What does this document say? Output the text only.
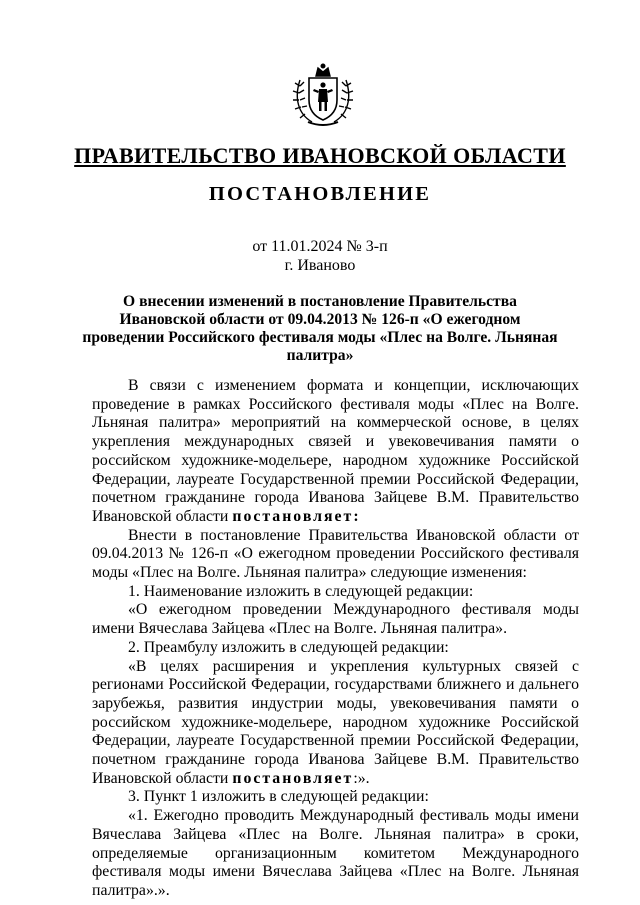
ПРАВИТЕЛЬСТВО ИВАНОВСКОЙ ОБЛАСТИ
ПОСТАНОВЛЕНИЕ
от 11.01.2024 № 3-п
г. Иваново
О внесении изменений в постановление Правительства Ивановской области от 09.04.2013 № 126-п «О ежегодном проведении Российского фестиваля моды «Плес на Волге. Льняная палитра»

В связи с изменением формата и концепции, исключающих проведение в рамках Российского фестиваля моды «Плес на Волге. Льняная палитра» мероприятий на коммерческой основе, в целях укрепления международных связей и увековечивания памяти о российском художнике-модельере, народном художнике Российской Федерации, лауреате Государственной премии Российской Федерации, почетном гражданине города Иванова Зайцеве В.М. Правительство Ивановской области постановляет:

Внести в постановление Правительства Ивановской области от 09.04.2013 № 126-п «О ежегодном проведении Российского фестиваля моды «Плес на Волге. Льняная палитра» следующие изменения:

1. Наименование изложить в следующей редакции:

«О ежегодном проведении Международного фестиваля моды имени Вячеслава Зайцева «Плес на Волге. Льняная палитра».

2. Преамбулу изложить в следующей редакции:

«В целях расширения и укрепления культурных связей с регионами Российской Федерации, государствами ближнего и дальнего зарубежья, развития индустрии моды, увековечивания памяти о российском художнике-модельере, народном художнике Российской Федерации, лауреате Государственной премии Российской Федерации, почетном гражданине города Иванова Зайцеве В.М. Правительство Ивановской области постановляет:».

3. Пункт 1 изложить в следующей редакции:

«1. Ежегодно проводить Международный фестиваль моды имени Вячеслава Зайцева «Плес на Волге. Льняная палитра» в сроки, определяемые организационным комитетом Международного фестиваля моды имени Вячеслава Зайцева «Плес на Волге. Льняная палитра».».
